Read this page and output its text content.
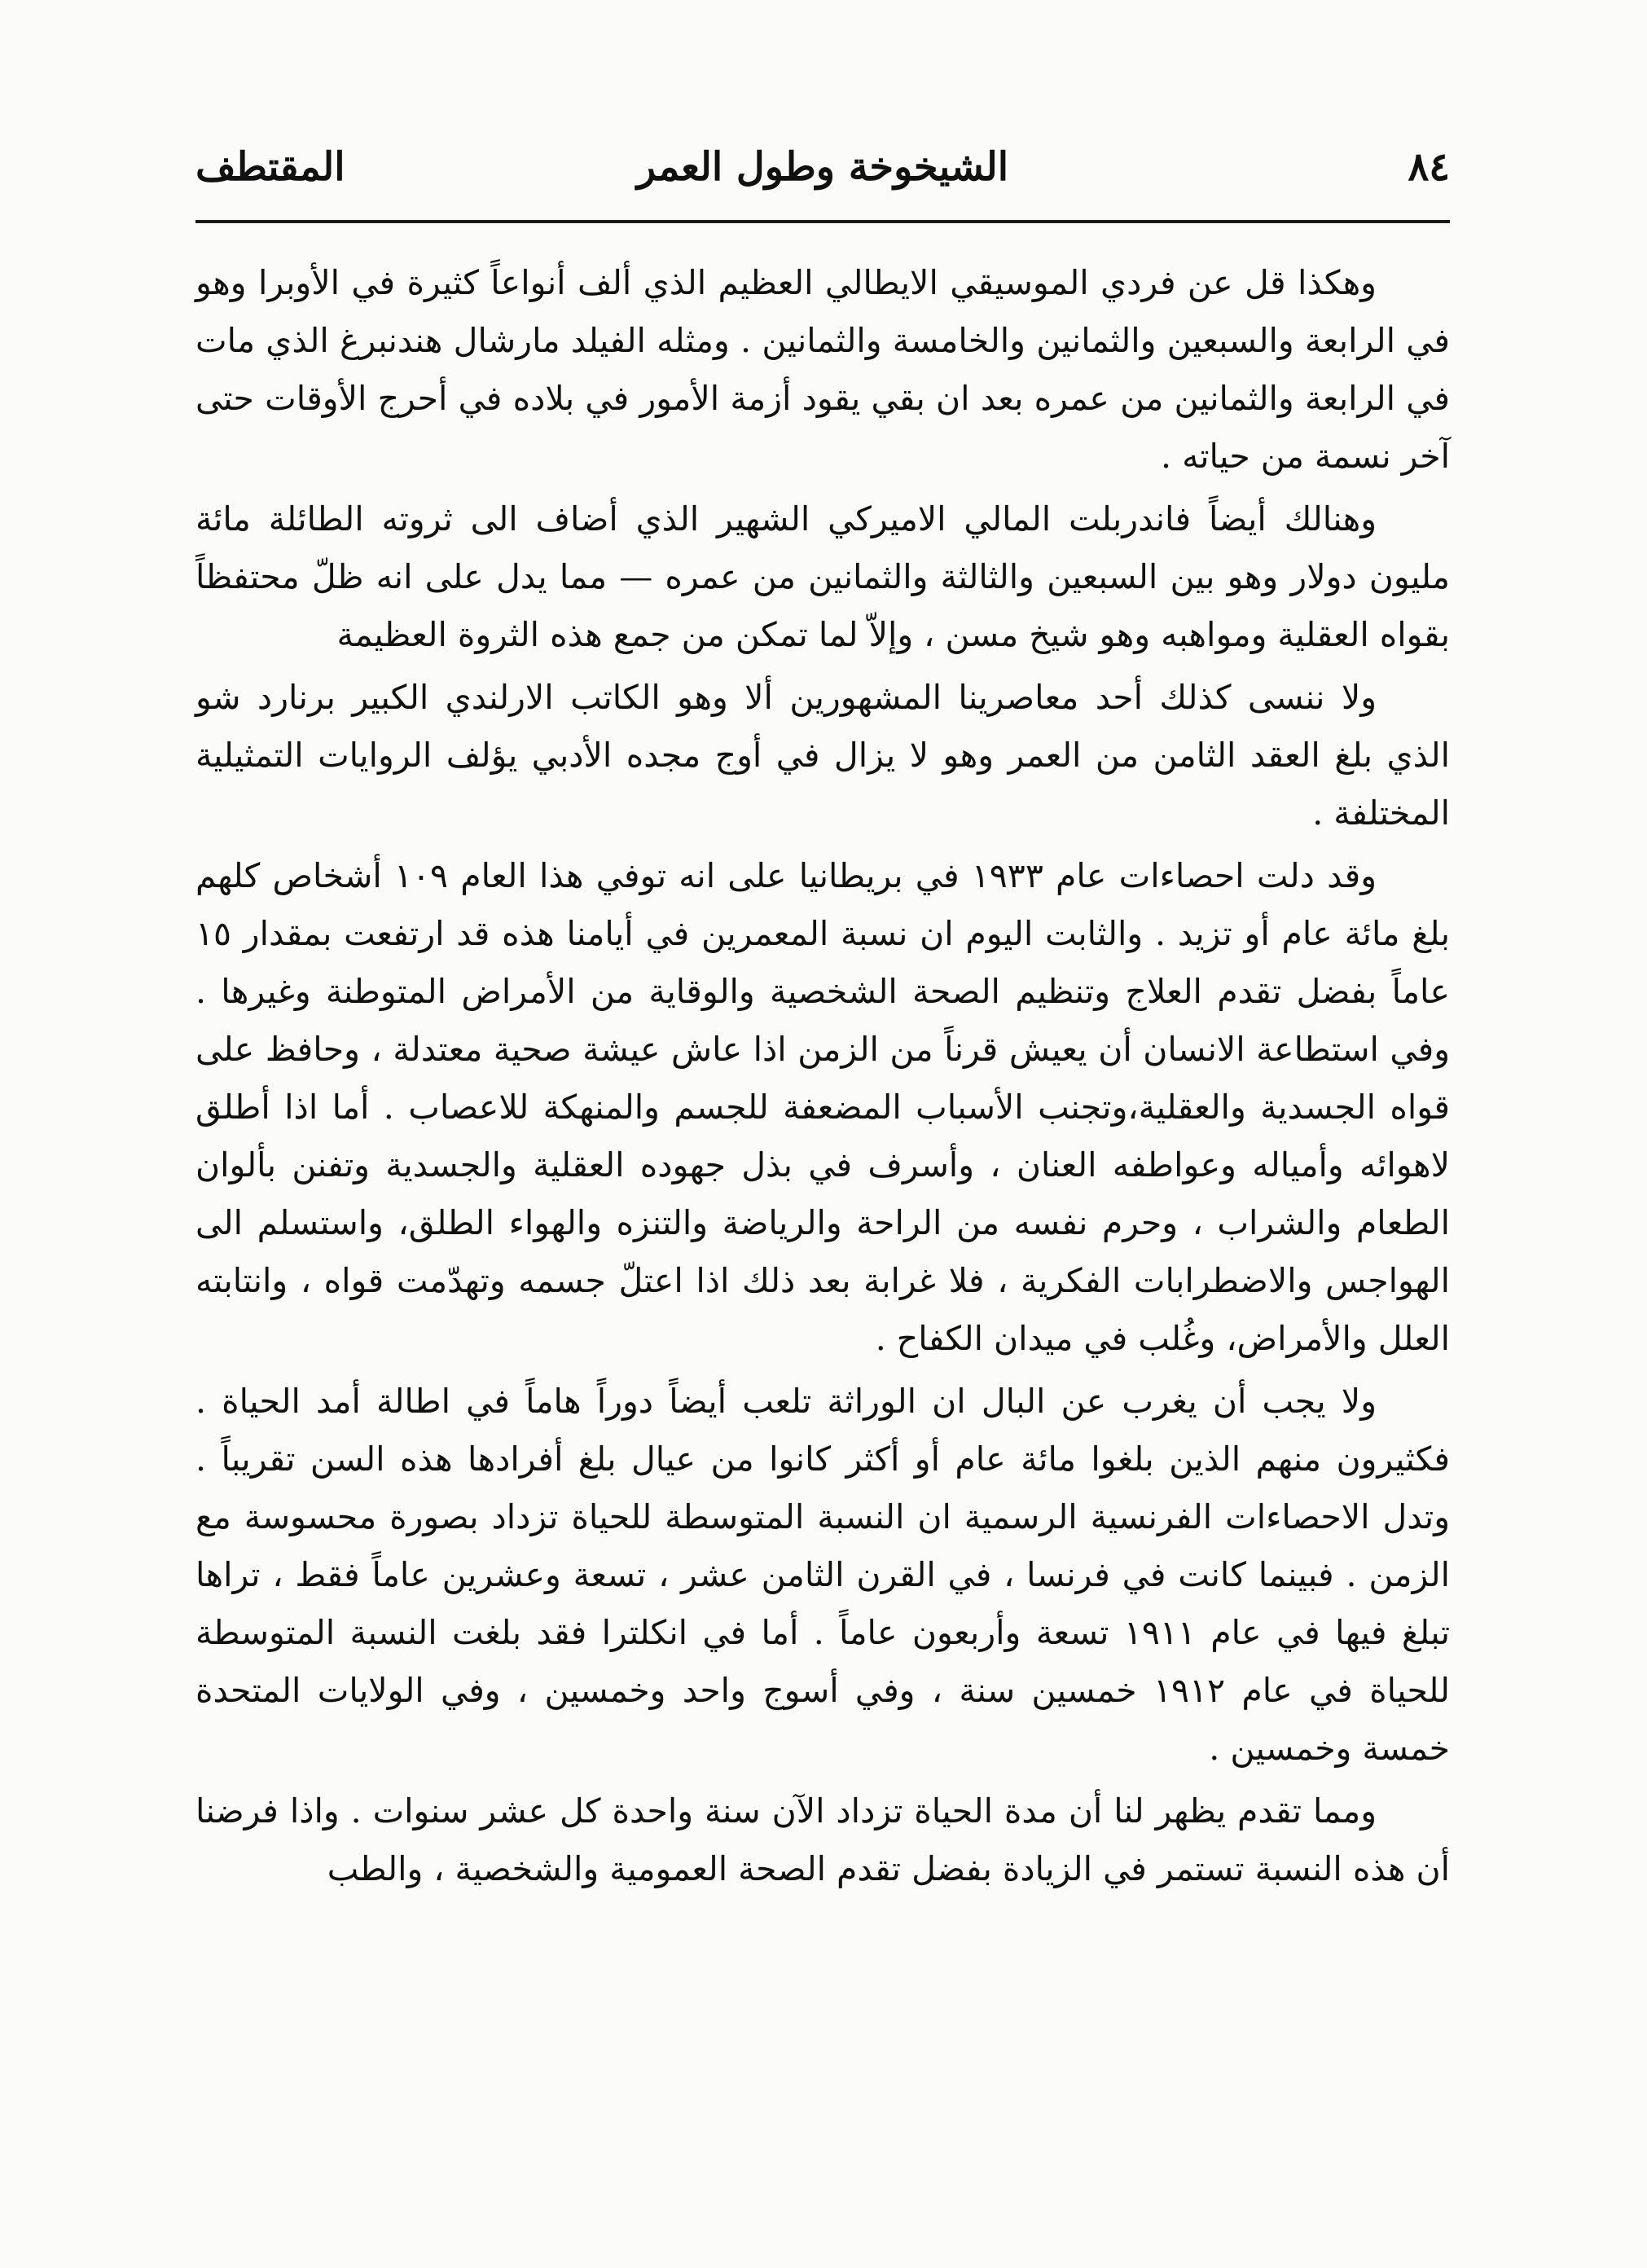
٨٤
الشيخوخة وطول العمر
المقتطف

وهكذا قل عن فردي الموسيقي الايطالي العظيم الذي ألف أنواعاً كثيرة في الأوبرا وهو في الرابعة والسبعين والثمانين والخامسة والثمانين . ومثله الفيلد مارشال هندنبرغ الذي مات في الرابعة والثمانين من عمره بعد ان بقي يقود أزمة الأمور في بلاده في أحرج الأوقات حتى آخر نسمة من حياته .

وهنالك أيضاً فاندربلت المالي الاميركي الشهير الذي أضاف الى ثروته الطائلة مائة مليون دولار وهو بين السبعين والثالثة والثمانين من عمره — مما يدل على انه ظلّ محتفظاً بقواه العقلية ومواهبه وهو شيخ مسن ، وإلاّ لما تمكن من جمع هذه الثروة العظيمة

ولا ننسى كذلك أحد معاصرينا المشهورين ألا وهو الكاتب الارلندي الكبير برنارد شو الذي بلغ العقد الثامن من العمر وهو لا يزال في أوج مجده الأدبي يؤلف الروايات التمثيلية المختلفة .

وقد دلت احصاءات عام ١٩٣٣ في بريطانيا على انه توفي هذا العام ١٠٩ أشخاص كلهم بلغ مائة عام أو تزيد . والثابت اليوم ان نسبة المعمرين في أيامنا هذه قد ارتفعت بمقدار ١٥ عاماً بفضل تقدم العلاج وتنظيم الصحة الشخصية والوقاية من الأمراض المتوطنة وغيرها . وفي استطاعة الانسان أن يعيش قرناً من الزمن اذا عاش عيشة صحية معتدلة ، وحافظ على قواه الجسدية والعقلية،وتجنب الأسباب المضعفة للجسم والمنهكة للاعصاب . أما اذا أطلق لاهوائه وأمياله وعواطفه العنان ، وأسرف في بذل جهوده العقلية والجسدية وتفنن بألوان الطعام والشراب ، وحرم نفسه من الراحة والرياضة والتنزه والهواء الطلق، واستسلم الى الهواجس والاضطرابات الفكرية ، فلا غرابة بعد ذلك اذا اعتلّ جسمه وتهدّمت قواه ، وانتابته العلل والأمراض، وغُلب في ميدان الكفاح .

ولا يجب أن يغرب عن البال ان الوراثة تلعب أيضاً دوراً هاماً في اطالة أمد الحياة . فكثيرون منهم الذين بلغوا مائة عام أو أكثر كانوا من عيال بلغ أفرادها هذه السن تقريباً . وتدل الاحصاءات الفرنسية الرسمية ان النسبة المتوسطة للحياة تزداد بصورة محسوسة مع الزمن . فبينما كانت في فرنسا ، في القرن الثامن عشر ، تسعة وعشرين عاماً فقط ، تراها تبلغ فيها في عام ١٩١١ تسعة وأربعون عاماً . أما في انكلترا فقد بلغت النسبة المتوسطة للحياة في عام ١٩١٢ خمسين سنة ، وفي أسوج واحد وخمسين ، وفي الولايات المتحدة خمسة وخمسين .

ومما تقدم يظهر لنا أن مدة الحياة تزداد الآن سنة واحدة كل عشر سنوات . واذا فرضنا أن هذه النسبة تستمر في الزيادة بفضل تقدم الصحة العمومية والشخصية ، والطب
